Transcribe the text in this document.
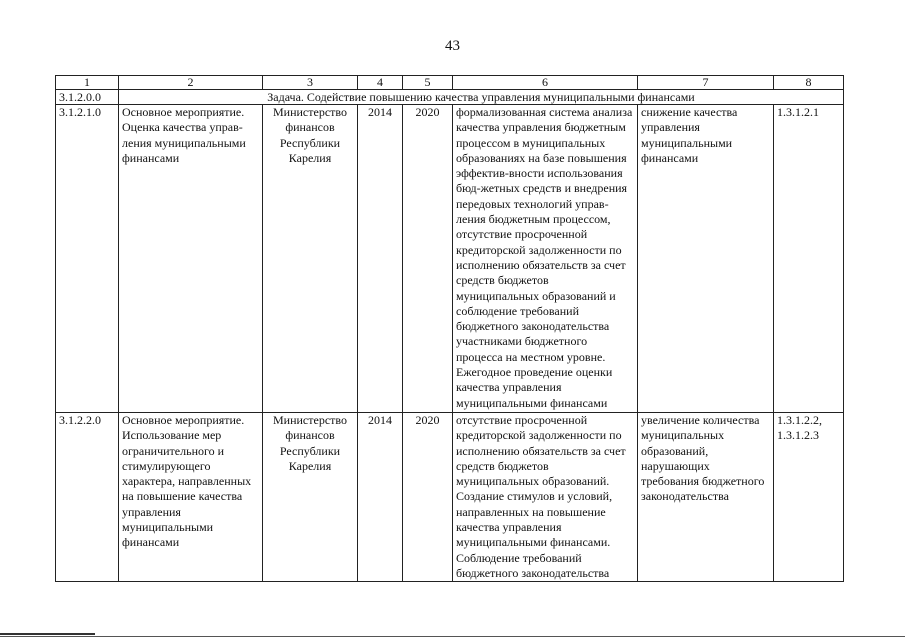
43
1	2	3	4	5	6	7	8
3.1.2.0.0	Задача. Содействие повышению качества управления муниципальными финансами						
3.1.2.1.0	Основное мероприятие. Оценка качества управ-ления муниципальными финансами	Министерство финансов Республики Карелия	2014	2020	формализованная система анализа качества управления бюджетным процессом в муниципальных образованиях на базе повышения эффектив-вности использования бюд-жетных средств и внедрения передовых технологий управ-ления бюджетным процессом, отсутствие просроченной кредиторской задолженности по исполнению обязательств за счет средств бюджетов муниципальных образований и соблюдение требований бюджетного законодательства участниками бюджетного процесса на местном уровне. Ежегодное проведение оценки качества управления муниципальными финансами	снижение качества управления муниципальными финансами	1.3.1.2.1
3.1.2.2.0	Основное мероприятие. Использование мер ограничительного и стимулирующего характера, направленных на повышение качества управления муниципальными финансами	Министерство финансов Республики Карелия	2014	2020	отсутствие просроченной кредиторской задолженности по исполнению обязательств за счет средств бюджетов муниципальных образований. Создание стимулов и условий, направленных на повышение качества управления муниципальными финансами. Соблюдение требований бюджетного законодательства	увеличение количества муниципальных образований, нарушающих требования бюджетного законодательства	1.3.1.2.2, 1.3.1.2.3
